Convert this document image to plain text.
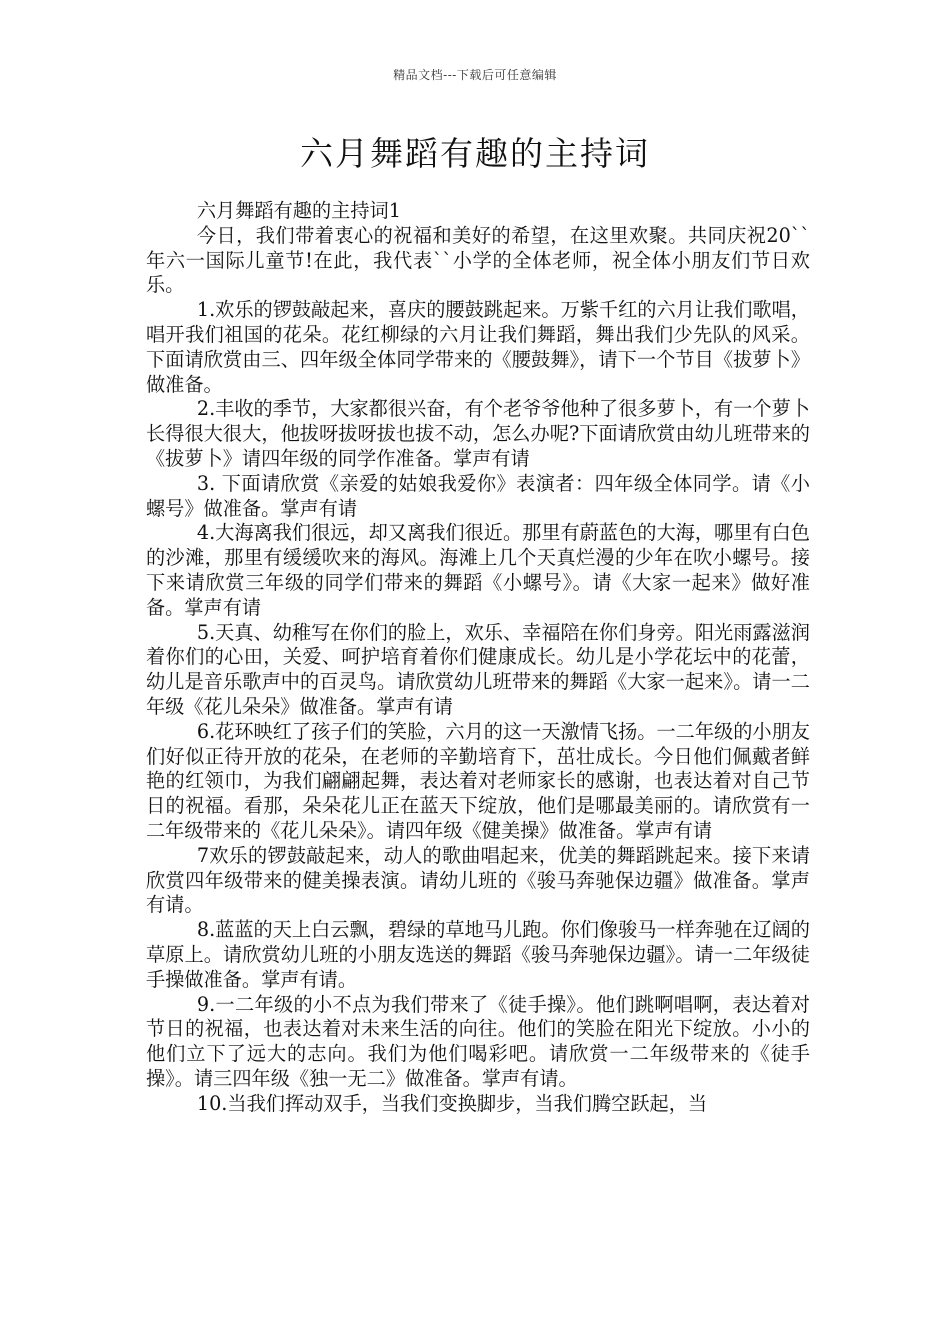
精品文档---下载后可任意编辑
六月舞蹈有趣的主持词

六月舞蹈有趣的主持词1

今日，我们带着衷心的祝福和美好的希望，在这里欢聚。共同庆祝20``年六一国际儿童节!在此，我代表``小学的全体老师，祝全体小朋友们节日欢乐。

1.欢乐的锣鼓敲起来，喜庆的腰鼓跳起来。万紫千红的六月让我们歌唱，唱开我们祖国的花朵。花红柳绿的六月让我们舞蹈，舞出我们少先队的风采。下面请欣赏由三、四年级全体同学带来的《腰鼓舞》，请下一个节目《拔萝卜》做准备。

2.丰收的季节，大家都很兴奋，有个老爷爷他种了很多萝卜，有一个萝卜长得很大很大，他拔呀拔呀拔也拔不动，怎么办呢?下面请欣赏由幼儿班带来的《拔萝卜》请四年级的同学作准备。掌声有请

3. 下面请欣赏《亲爱的姑娘我爱你》表演者：四年级全体同学。请《小螺号》做准备。掌声有请

4.大海离我们很远，却又离我们很近。那里有蔚蓝色的大海，哪里有白色的沙滩，那里有缓缓吹来的海风。海滩上几个天真烂漫的少年在吹小螺号。接下来请欣赏三年级的同学们带来的舞蹈《小螺号》。请《大家一起来》做好准备。掌声有请

5.天真、幼稚写在你们的脸上，欢乐、幸福陪在你们身旁。阳光雨露滋润着你们的心田，关爱、呵护培育着你们健康成长。幼儿是小学花坛中的花蕾，幼儿是音乐歌声中的百灵鸟。请欣赏幼儿班带来的舞蹈《大家一起来》。请一二年级《花儿朵朵》做准备。掌声有请

6.花环映红了孩子们的笑脸，六月的这一天激情飞扬。一二年级的小朋友们好似正待开放的花朵，在老师的辛勤培育下，茁壮成长。今日他们佩戴者鲜艳的红领巾，为我们翩翩起舞，表达着对老师家长的感谢，也表达着对自己节日的祝福。看那，朵朵花儿正在蓝天下绽放，他们是哪最美丽的。请欣赏有一二年级带来的《花儿朵朵》。请四年级《健美操》做准备。掌声有请

7欢乐的锣鼓敲起来，动人的歌曲唱起来，优美的舞蹈跳起来。接下来请欣赏四年级带来的健美操表演。请幼儿班的《骏马奔驰保边疆》做准备。掌声有请。

8.蓝蓝的天上白云飘，碧绿的草地马儿跑。你们像骏马一样奔驰在辽阔的草原上。请欣赏幼儿班的小朋友选送的舞蹈《骏马奔驰保边疆》。请一二年级徒手操做准备。掌声有请。

9.一二年级的小不点为我们带来了《徒手操》。他们跳啊唱啊，表达着对节日的祝福，也表达着对未来生活的向往。他们的笑脸在阳光下绽放。小小的他们立下了远大的志向。我们为他们喝彩吧。请欣赏一二年级带来的《徒手操》。请三四年级《独一无二》做准备。掌声有请。

10.当我们挥动双手，当我们变换脚步，当我们腾空跃起，当
